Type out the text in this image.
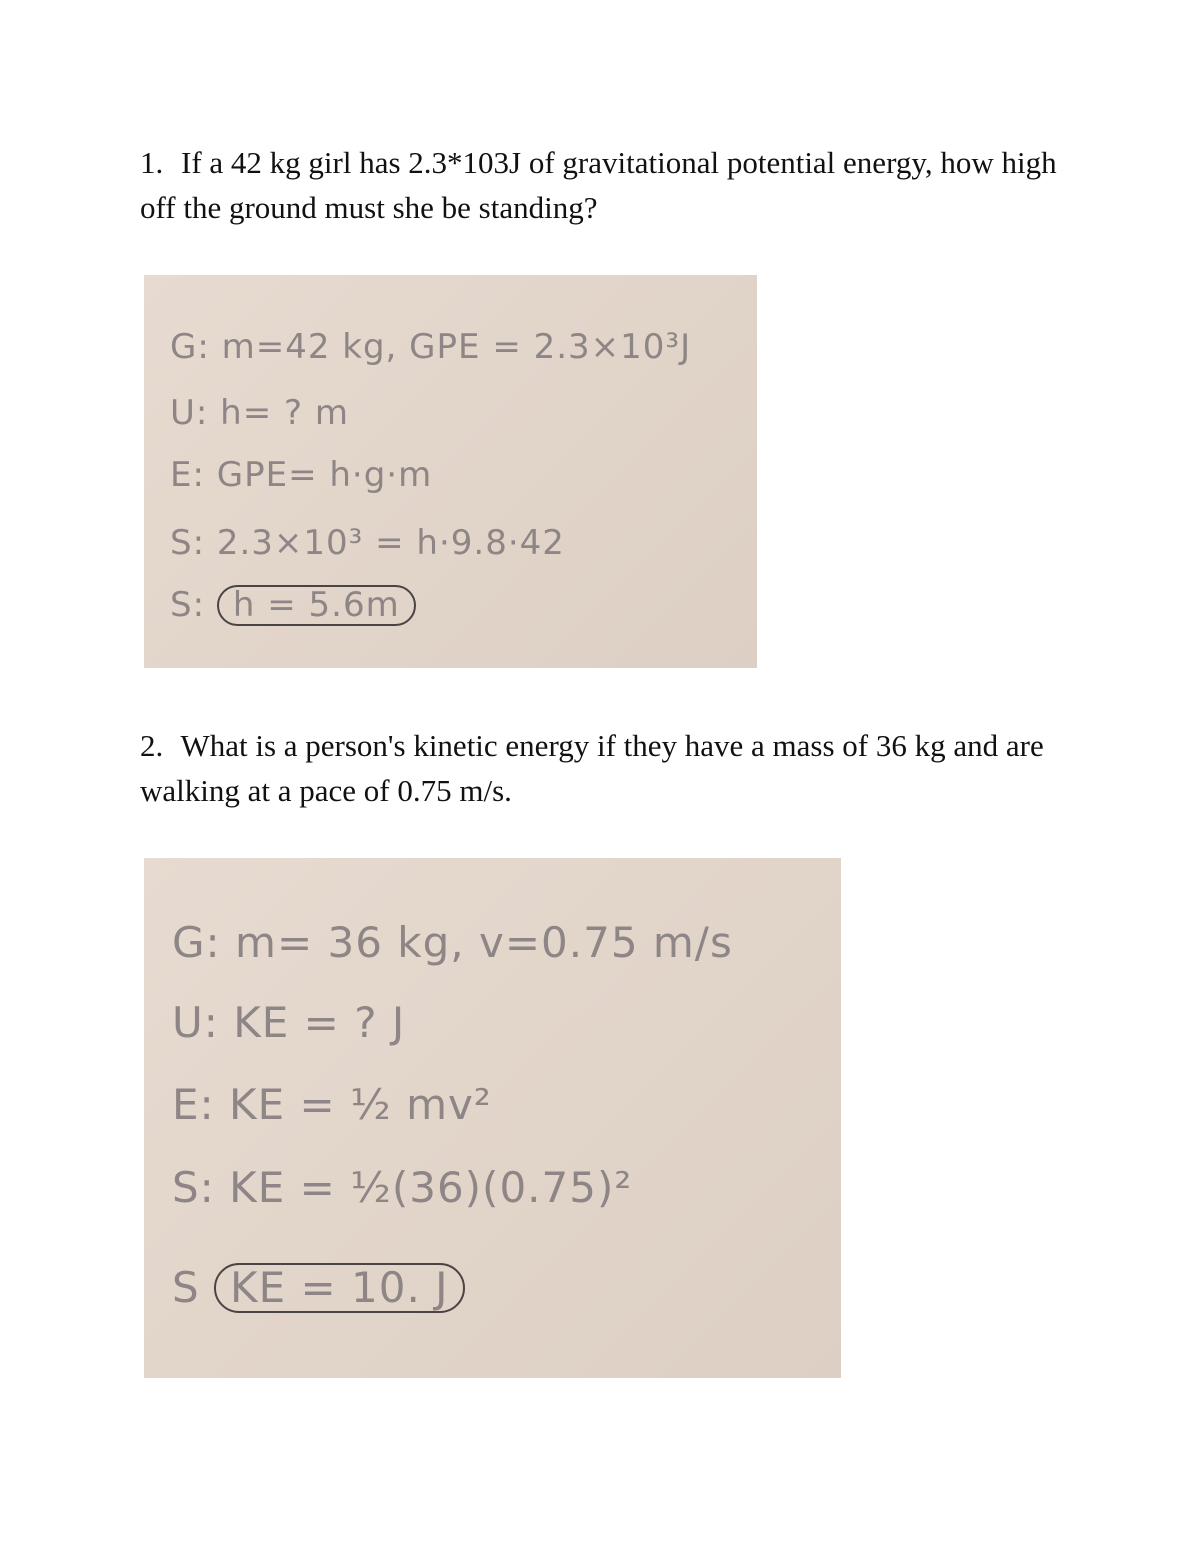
1. If a 42 kg girl has 2.3*103J of gravitational potential energy, how high off the ground must she be standing?

G: m=42 kg, GPE = 2.3×10³J
U: h= ? m
E: GPE= h·g·m
S: 2.3×10³ = h·9.8·42
S: h = 5.6m

2. What is a person's kinetic energy if they have a mass of 36 kg and are walking at a pace of 0.75 m/s.

G: m= 36 kg, v=0.75 m/s
U: KE = ? J
E: KE = ½ mv²
S: KE = ½(36)(0.75)²
S KE = 10. J
